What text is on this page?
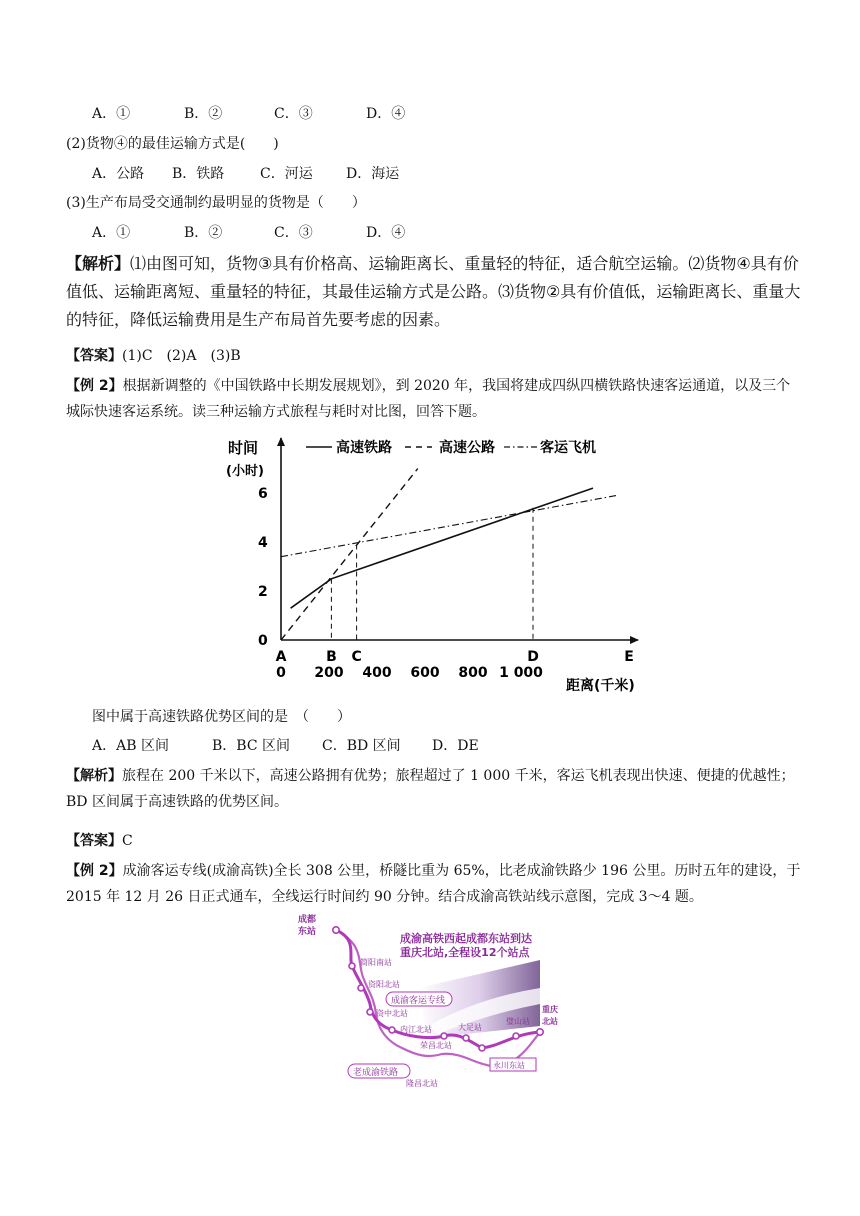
A．①	B．②	C．③	D．④
(2)货物④的最佳运输方式是(　　)
A．公路 B．铁路	C．河运 D．海运
(3)生产布局受交通制约最明显的货物是（　　）
A．①	B．②	C．③	D．④
【解析】⑴由图可知，货物③具有价格高、运输距离长、重量轻的特征，适合航空运输。⑵货物④具有价值低、运输距离短、重量轻的特征，其最佳运输方式是公路。⑶货物②具有价值低，运输距离长、重量大的特征，降低运输费用是生产布局首先要考虑的因素。
【答案】(1)C　(2)A　(3)B
【例 2】根据新调整的《中国铁路中长期发展规划》，到 2020 年，我国将建成四纵四横铁路快速客运通道，以及三个城际快速客运系统。读三种运输方式旅程与耗时对比图，回答下题。
时间
(小时)
高速铁路	高速公路	客运飞机
0
2
4
6
0 200 400 600 800 1 000
A	B C	D	E
距离(千米)
图中属于高速铁路优势区间的是　（　　）
A．AB 区间	B．BC 区间 C．BD 区间 D．DE
【解析】旅程在 200 千米以下，高速公路拥有优势；旅程超过了 1 000 千米，客运飞机表现出快速、便捷的优越性；BD 区间属于高速铁路的优势区间。
【答案】C
【例 2】成渝客运专线(成渝高铁)全长 308 公里，桥隧比重为 65%，比老成渝铁路少 196 公里。历时五年的建设，于 2015 年 12 月 26 日正式通车，全线运行时间约 90 分钟。结合成渝高铁站线示意图，完成 3～4 题。
成渝高铁西起成都东站到达
重庆北站,全程设12个站点
成都
东站
简阳南站
资阳北站
成渝客运专线
资中北站
内江北站
荣昌北站
大足站
璧山站
重庆
北站
永川东站
老成渝铁路
隆昌北站
